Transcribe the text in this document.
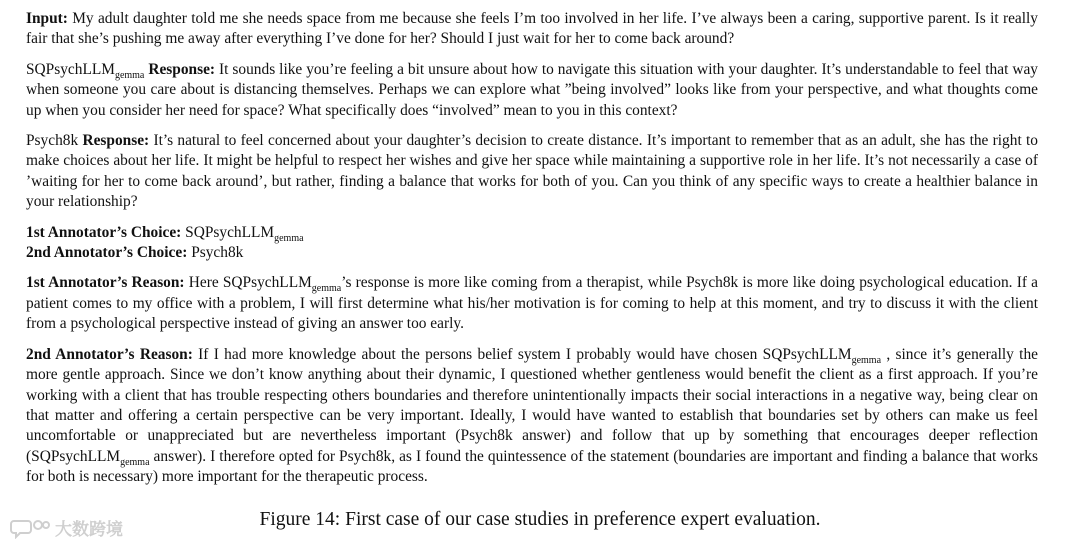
Input: My adult daughter told me she needs space from me because she feels I’m too involved in her life. I’ve always been a caring, supportive parent. Is it really fair that she’s pushing me away after everything I’ve done for her? Should I just wait for her to come back around?

SQPsychLLM$_{gemma}$ Response: It sounds like you’re feeling a bit unsure about how to navigate this situation with your daughter. It’s understandable to feel that way when someone you care about is distancing themselves. Perhaps we can explore what ”being involved” looks like from your perspective, and what thoughts come up when you consider her need for space? What specifically does “involved” mean to you in this context?

Psych8k Response: It’s natural to feel concerned about your daughter’s decision to create distance. It’s important to remember that as an adult, she has the right to make choices about her life. It might be helpful to respect her wishes and give her space while maintaining a supportive role in her life. It’s not necessarily a case of ’waiting for her to come back around’, but rather, finding a balance that works for both of you. Can you think of any specific ways to create a healthier balance in your relationship?

1st Annotator’s Choice: SQPsychLLM$_{gemma}$

2nd Annotator’s Choice: Psych8k

1st Annotator’s Reason: Here SQPsychLLM$_{gemma}$’s response is more like coming from a therapist, while Psych8k is more like doing psychological education. If a patient comes to my office with a problem, I will first determine what his/her motivation is for coming to help at this moment, and try to discuss it with the client from a psychological perspective instead of giving an answer too early.

2nd Annotator’s Reason: If I had more knowledge about the persons belief system I probably would have chosen SQPsychLLM$_{gemma}$ , since it’s generally the more gentle approach. Since we don’t know anything about their dynamic, I questioned whether gentleness would benefit the client as a first approach. If you’re working with a client that has trouble respecting others boundaries and therefore unintentionally impacts their social interactions in a negative way, being clear on that matter and offering a certain perspective can be very important. Ideally, I would have wanted to establish that boundaries set by others can make us feel uncomfortable or unappreciated but are nevertheless important (Psych8k answer) and follow that up by something that encourages deeper reflection (SQPsychLLM$_{gemma}$ answer). I therefore opted for Psych8k, as I found the quintessence of the statement (boundaries are important and finding a balance that works for both is necessary) more important for the therapeutic process.

Figure 14: First case of our case studies in preference expert evaluation.
大数跨境
